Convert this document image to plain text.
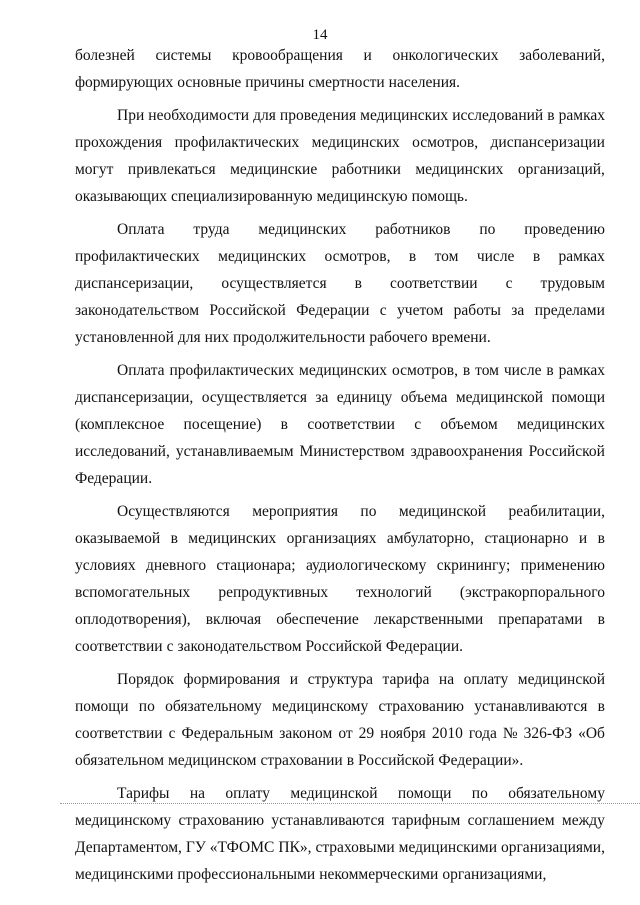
14
болезней системы кровообращения и онкологических заболеваний,
формирующих основные причины смертности населения.
При необходимости для проведения медицинских исследований в рамках
прохождения профилактических медицинских осмотров, диспансеризации
могут привлекаться медицинские работники медицинских организаций,
оказывающих специализированную медицинскую помощь.
Оплата труда медицинских работников по проведению
профилактических медицинских осмотров, в том числе в рамках
диспансеризации, осуществляется в соответствии с трудовым
законодательством Российской Федерации с учетом работы за пределами
установленной для них продолжительности рабочего времени.
Оплата профилактических медицинских осмотров, в том числе в рамках
диспансеризации, осуществляется за единицу объема медицинской помощи
(комплексное посещение) в соответствии с объемом медицинских
исследований, устанавливаемым Министерством здравоохранения Российской
Федерации.
Осуществляются мероприятия по медицинской реабилитации,
оказываемой в медицинских организациях амбулаторно, стационарно и в
условиях дневного стационара; аудиологическому скринингу; применению
вспомогательных репродуктивных технологий (экстракорпорального
оплодотворения), включая обеспечение лекарственными препаратами в
соответствии с законодательством Российской Федерации.
Порядок формирования и структура тарифа на оплату медицинской
помощи по обязательному медицинскому страхованию устанавливаются в
соответствии с Федеральным законом от 29 ноября 2010 года № 326-ФЗ «Об
обязательном медицинском страховании в Российской Федерации».
Тарифы на оплату медицинской помощи по обязательному
медицинскому страхованию устанавливаются тарифным соглашением между
Департаментом, ГУ «ТФОМС ПК», страховыми медицинскими организациями,
медицинскими профессиональными некоммерческими организациями,
